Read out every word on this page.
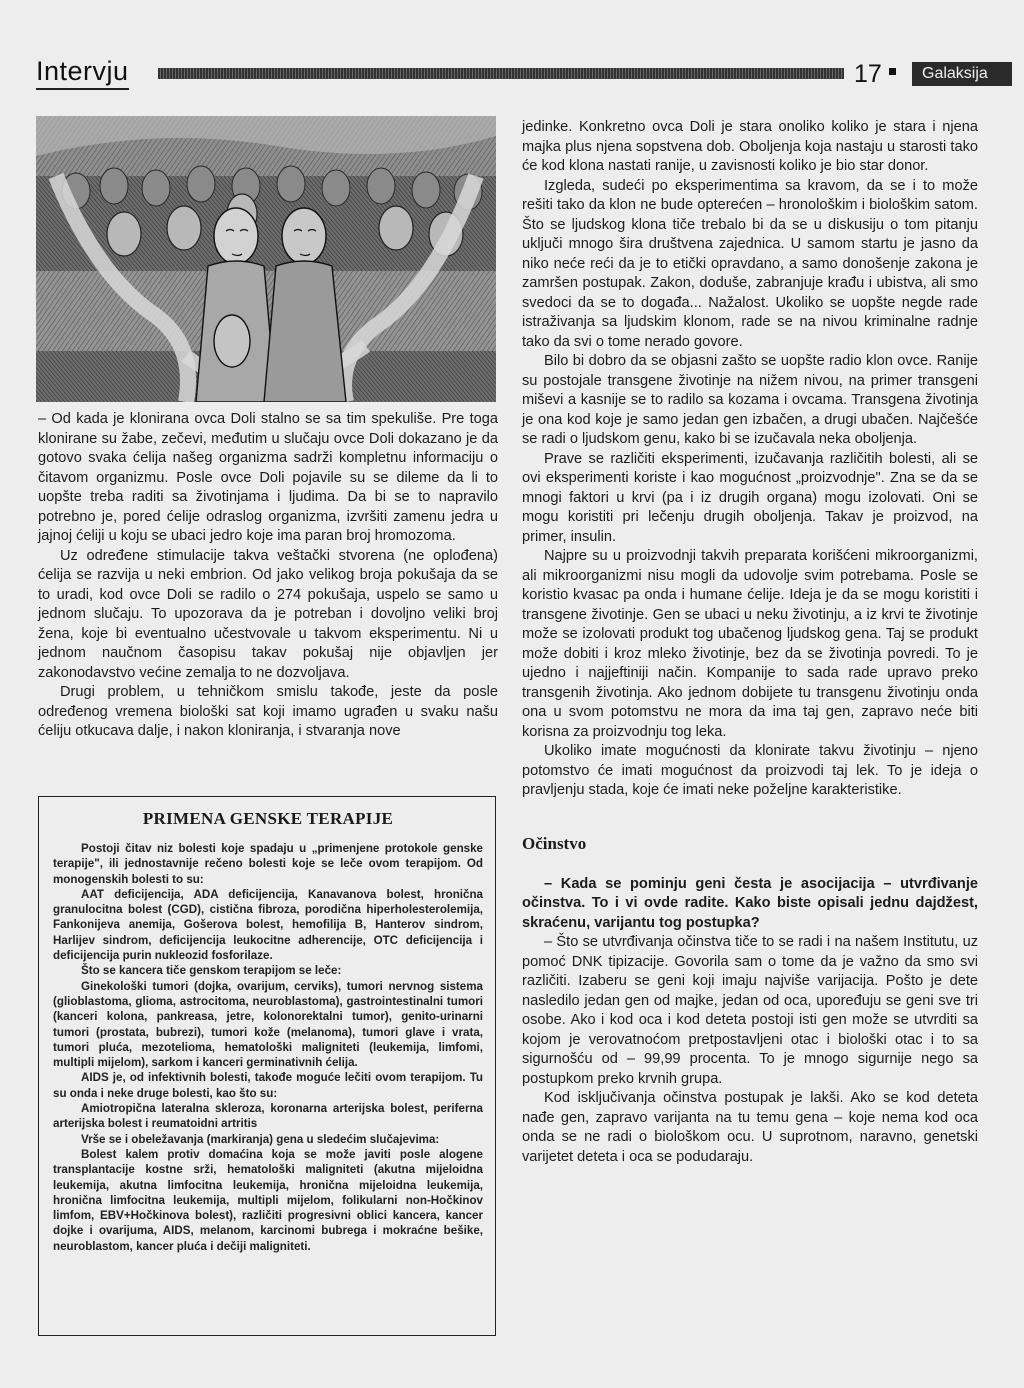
Intervju	17	Galaksija

– Od kada je klonirana ovca Doli stalno se sa tim spekuliše. Pre toga klonirane su žabe, zečevi, međutim u slučaju ovce Doli dokazano je da gotovo svaka ćelija našeg organizma sadrži kompletnu informaciju o čitavom organizmu. Posle ovce Doli pojavile su se dileme da li to uopšte treba raditi sa životinjama i ljudima. Da bi se to napravilo potrebno je, pored ćelije odraslog organizma, izvršiti zamenu jedra u jajnoj ćeliji u koju se ubaci jedro koje ima paran broj hromozoma.

Uz određene stimulacije takva veštački stvorena (ne oplođena) ćelija se razvija u neki embrion. Od jako velikog broja pokušaja da se to uradi, kod ovce Doli se radilo o 274 pokušaja, uspelo se samo u jednom slučaju. To upozorava da je potreban i dovoljno veliki broj žena, koje bi eventualno učestvovale u takvom eksperimentu. Ni u jednom naučnom časopisu takav pokušaj nije objavljen jer zakonodavstvo većine zemalja to ne dozvoljava.

Drugi problem, u tehničkom smislu takođe, jeste da posle određenog vremena biološki sat koji imamo ugrađen u svaku našu ćeliju otkucava dalje, i nakon kloniranja, i stvaranja nove

PRIMENA GENSKE TERAPIJE

Postoji čitav niz bolesti koje spadaju u „primenjene protokole genske terapije", ili jednostavnije rečeno bolesti koje se leče ovom terapijom. Od monogenskih bolesti to su:

AAT deficijencija, ADA deficijencija, Kanavanova bolest, hronična granulocitna bolest (CGD), cistična fibroza, porodična hiperholesterolemija, Fankonijeva anemija, Gošerova bolest, hemofilija B, Hanterov sindrom, Harlijev sindrom, deficijencija leukocitne adherencije, OTC deficijencija i deficijencija purin nukleozid fosforilaze.

Što se kancera tiče genskom terapijom se leče:

Ginekološki tumori (dojka, ovarijum, cerviks), tumori nervnog sistema (glioblastoma, glioma, astrocitoma, neuroblastoma), gastrointestinalni tumori (kanceri kolona, pankreasa, jetre, kolonorektalni tumor), genito-urinarni tumori (prostata, bubrezi), tumori kože (melanoma), tumori glave i vrata, tumori pluća, mezotelioma, hematološki maligniteti (leukemija, limfomi, multipli mijelom), sarkom i kanceri germinativnih ćelija.

AIDS je, od infektivnih bolesti, takođe moguće lečiti ovom terapijom. Tu su onda i neke druge bolesti, kao što su:

Amiotropična lateralna skleroza, koronarna arterijska bolest, periferna arterijska bolest i reumatoidni artritis

Vrše se i obeležavanja (markiranja) gena u sledećim slučajevima:

Bolest kalem protiv domaćina koja se može javiti posle alogene transplantacije kostne srži, hematološki maligniteti (akutna mijeloidna leukemija, akutna limfocitna leukemija, hronična mijeloidna leukemija, hronična limfocitna leukemija, multipli mijelom, folikularni non-Hočkinov limfom, EBV+Hočkinova bolest), različiti progresivni oblici kancera, kancer dojke i ovarijuma, AIDS, melanom, karcinomi bubrega i mokraćne bešike, neuroblastom, kancer pluća i dečiji maligniteti.

jedinke. Konkretno ovca Doli je stara onoliko koliko je stara i njena majka plus njena sopstvena dob. Oboljenja koja nastaju u starosti tako će kod klona nastati ranije, u zavisnosti koliko je bio star donor.

Izgleda, sudeći po eksperimentima sa kravom, da se i to može rešiti tako da klon ne bude opterećen – hronološkim i biološkim satom. Što se ljudskog klona tiče trebalo bi da se u diskusiju o tom pitanju uključi mnogo šira društvena zajednica. U samom startu je jasno da niko neće reći da je to etički opravdano, a samo donošenje zakona je zamršen postupak. Zakon, doduše, zabranjuje krađu i ubistva, ali smo svedoci da se to događa... Nažalost. Ukoliko se uopšte negde rade istraživanja sa ljudskim klonom, rade se na nivou kriminalne radnje tako da svi o tome nerado govore.

Bilo bi dobro da se objasni zašto se uopšte radio klon ovce. Ranije su postojale transgene životinje na nižem nivou, na primer transgeni miševi a kasnije se to radilo sa kozama i ovcama. Transgena životinja je ona kod koje je samo jedan gen izbačen, a drugi ubačen. Najčešće se radi o ljudskom genu, kako bi se izučavala neka oboljenja.

Prave se različiti eksperimenti, izučavanja različitih bolesti, ali se ovi eksperimenti koriste i kao mogućnost „proizvodnje". Zna se da se mnogi faktori u krvi (pa i iz drugih organa) mogu izolovati. Oni se mogu koristiti pri lečenju drugih oboljenja. Takav je proizvod, na primer, insulin.

Najpre su u proizvodnji takvih preparata korišćeni mikroorganizmi, ali mikroorganizmi nisu mogli da udovolje svim potrebama. Posle se koristio kvasac pa onda i humane ćelije. Ideja je da se mogu koristiti i transgene životinje. Gen se ubaci u neku životinju, a iz krvi te životinje može se izolovati produkt tog ubačenog ljudskog gena. Taj se produkt može dobiti i kroz mleko životinje, bez da se životinja povredi. To je ujedno i najjeftiniji način. Kompanije to sada rade upravo preko transgenih životinja. Ako jednom dobijete tu transgenu životinju onda ona u svom potomstvu ne mora da ima taj gen, zapravo neće biti korisna za proizvodnju tog leka.

Ukoliko imate mogućnosti da klonirate takvu životinju – njeno potomstvo će imati mogućnost da proizvodi taj lek. To je ideja o pravljenju stada, koje će imati neke poželjne karakteristike.

Očinstvo

– Kada se pominju geni česta je asocijacija – utvrđivanje očinstva. To i vi ovde radite. Kako biste opisali jednu dajdžest, skraćenu, varijantu tog postupka?

– Što se utvrđivanja očinstva tiče to se radi i na našem Institutu, uz pomoć DNK tipizacije. Govorila sam o tome da je važno da smo svi različiti. Izaberu se geni koji imaju najviše varijacija. Pošto je dete nasledilo jedan gen od majke, jedan od oca, upoređuju se geni sve tri osobe. Ako i kod oca i kod deteta postoji isti gen može se utvrditi sa kojom je verovatnoćom pretpostavljeni otac i biološki otac i to sa sigurnošću od – 99,99 procenta. To je mnogo sigurnije nego sa postupkom preko krvnih grupa.

Kod isključivanja očinstva postupak je lakši. Ako se kod deteta nađe gen, zapravo varijanta na tu temu gena – koje nema kod oca onda se ne radi o biološkom ocu. U suprotnom, naravno, genetski varijetet deteta i oca se podudaraju.
